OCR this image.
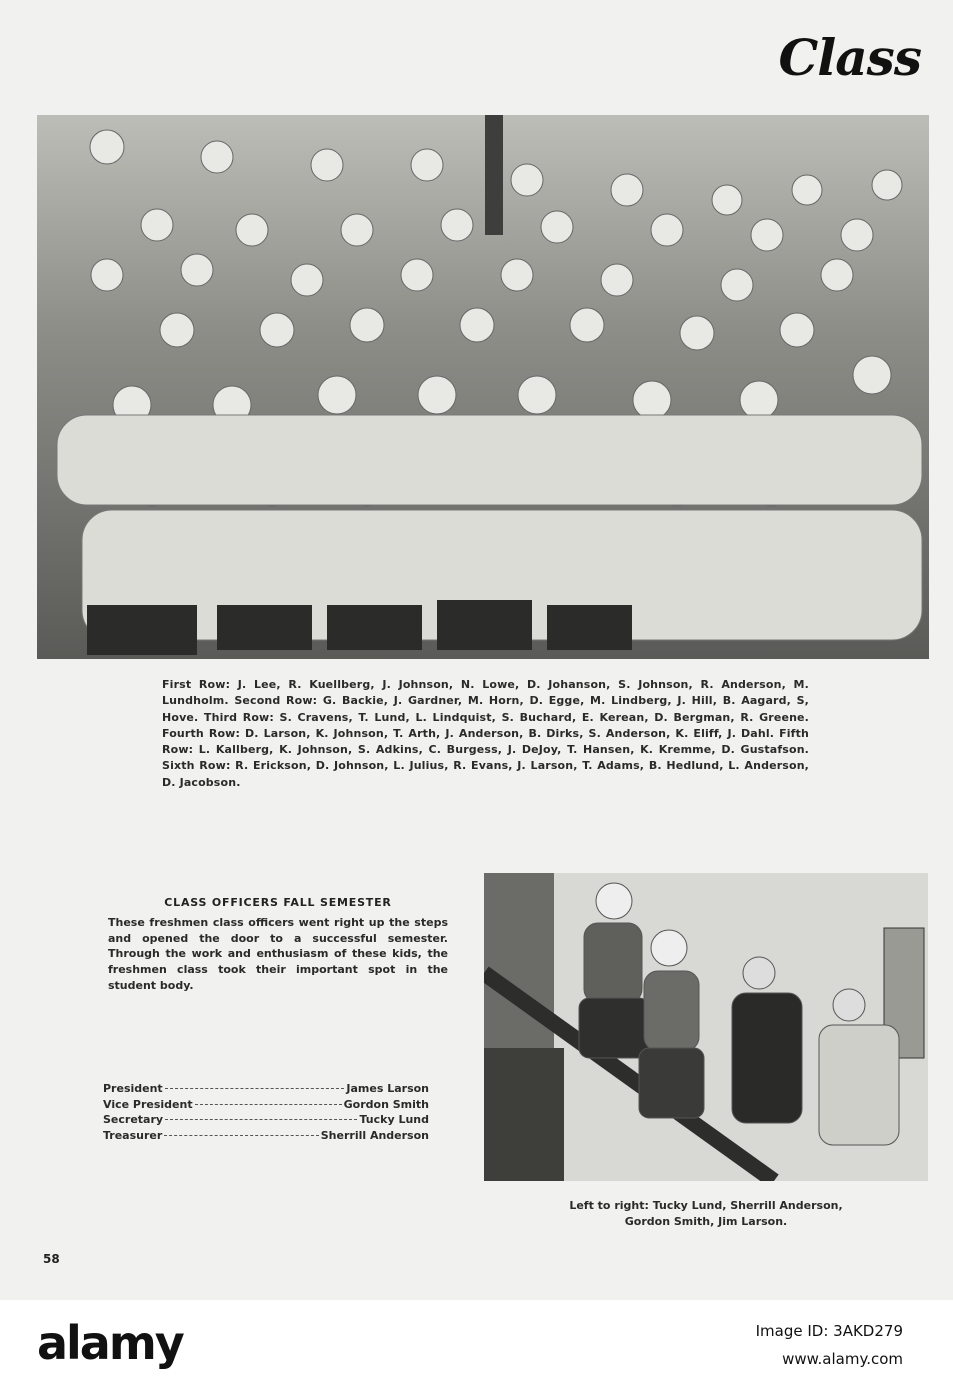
Class
First Row: J. Lee, R. Kuellberg, J. Johnson, N. Lowe, D. Johanson, S. Johnson, R. Anderson, M. Lundholm. Second Row: G. Backie, J. Gardner, M. Horn, D. Egge, M. Lindberg, J. Hill, B. Aagard, S, Hove. Third Row: S. Cravens, T. Lund, L. Lindquist, S. Buchard, E. Kerean, D. Bergman, R. Greene. Fourth Row: D. Larson, K. Johnson, T. Arth, J. Anderson, B. Dirks, S. Anderson, K. Eliff, J. Dahl. Fifth Row: L. Kallberg, K. Johnson, S. Adkins, C. Burgess, J. DeJoy, T. Hansen, K. Kremme, D. Gustafson. Sixth Row: R. Erickson, D. Johnson, L. Julius, R. Evans, J. Larson, T. Adams, B. Hedlund, L. Anderson, D. Jacobson.
CLASS OFFICERS FALL SEMESTER
These freshmen class officers went right up the steps and opened the door to a successful semester. Through the work and enthusiasm of these kids, the freshmen class took their important spot in the student body.
President	James Larson
Vice President	Gordon Smith
Secretary	Tucky Lund
Treasurer	Sherrill Anderson
Left to right: Tucky Lund, Sherrill Anderson,
Gordon Smith, Jim Larson.
58
alamy	Image ID: 3AKD279
www.alamy.com
